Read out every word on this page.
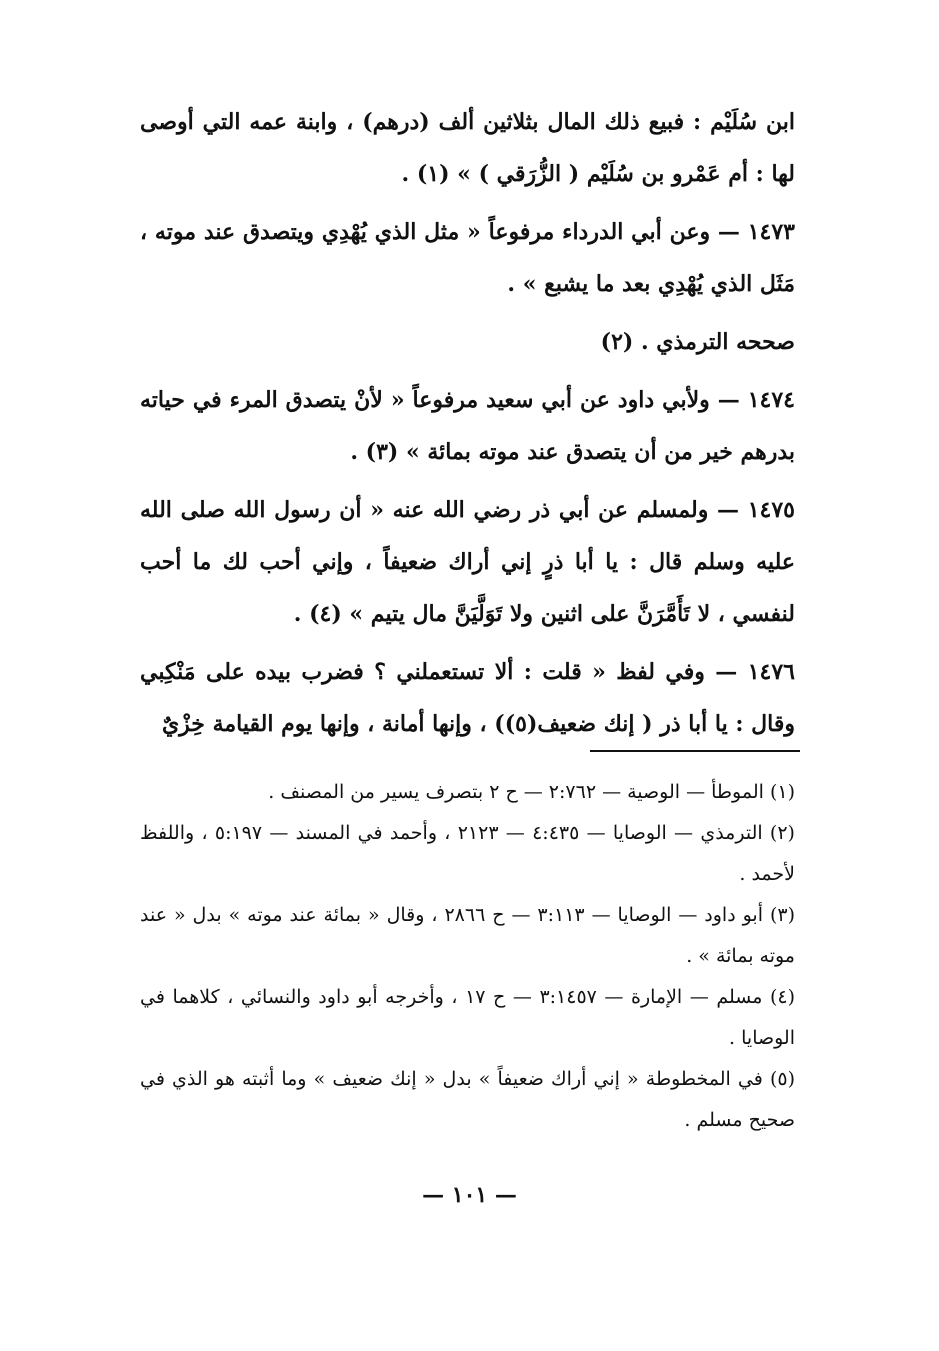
ابن سُلَيْم : فبيع ذلك المال بثلاثين ألف (درهم) ، وابنة عمه التي أوصى لها : أم عَمْرو بن سُلَيْم ( الزُّرَقي ) » (١) .

١٤٧٣ — وعن أبي الدرداء مرفوعاً « مثل الذي يُهْدِي ويتصدق عند موته ، مَثَل الذي يُهْدِي بعد ما يشبع » .

صححه الترمذي . (٢)

١٤٧٤ — ولأبي داود عن أبي سعيد مرفوعاً « لأنْ يتصدق المرء في حياته بدرهم خير من أن يتصدق عند موته بمائة » (٣) .

١٤٧٥ — ولمسلم عن أبي ذر رضي الله عنه « أن رسول الله صلى الله عليه وسلم قال : يا أبا ذرٍ إني أراك ضعيفاً ، وإني أحب لك ما أحب لنفسي ، لا تَأَمَّرَنَّ على اثنين ولا تَوَلَّيَنَّ مال يتيم » (٤) .

١٤٧٦ — وفي لفظ « قلت : ألا تستعملني ؟ فضرب بيده على مَنْكِبي وقال : يا أبا ذر ( إنك ضعيف(٥)) ، وإنها أمانة ، وإنها يوم القيامة خِزْيٌ

(١) الموطأ — الوصية — ٢:٧٦٢ — ح ٢ بتصرف يسير من المصنف .

(٢) الترمذي — الوصايا — ٤:٤٣٥ — ٢١٢٣ ، وأحمد في المسند — ٥:١٩٧ ، واللفظ لأحمد .

(٣) أبو داود — الوصايا — ٣:١١٣ — ح ٢٨٦٦ ، وقال « بمائة عند موته » بدل « عند موته بمائة » .

(٤) مسلم — الإمارة — ٣:١٤٥٧ — ح ١٧ ، وأخرجه أبو داود والنسائي ، كلاهما في الوصايا .

(٥) في المخطوطة « إني أراك ضعيفاً » بدل « إنك ضعيف » وما أثبته هو الذي في صحيح مسلم .

— ١٠١ —
